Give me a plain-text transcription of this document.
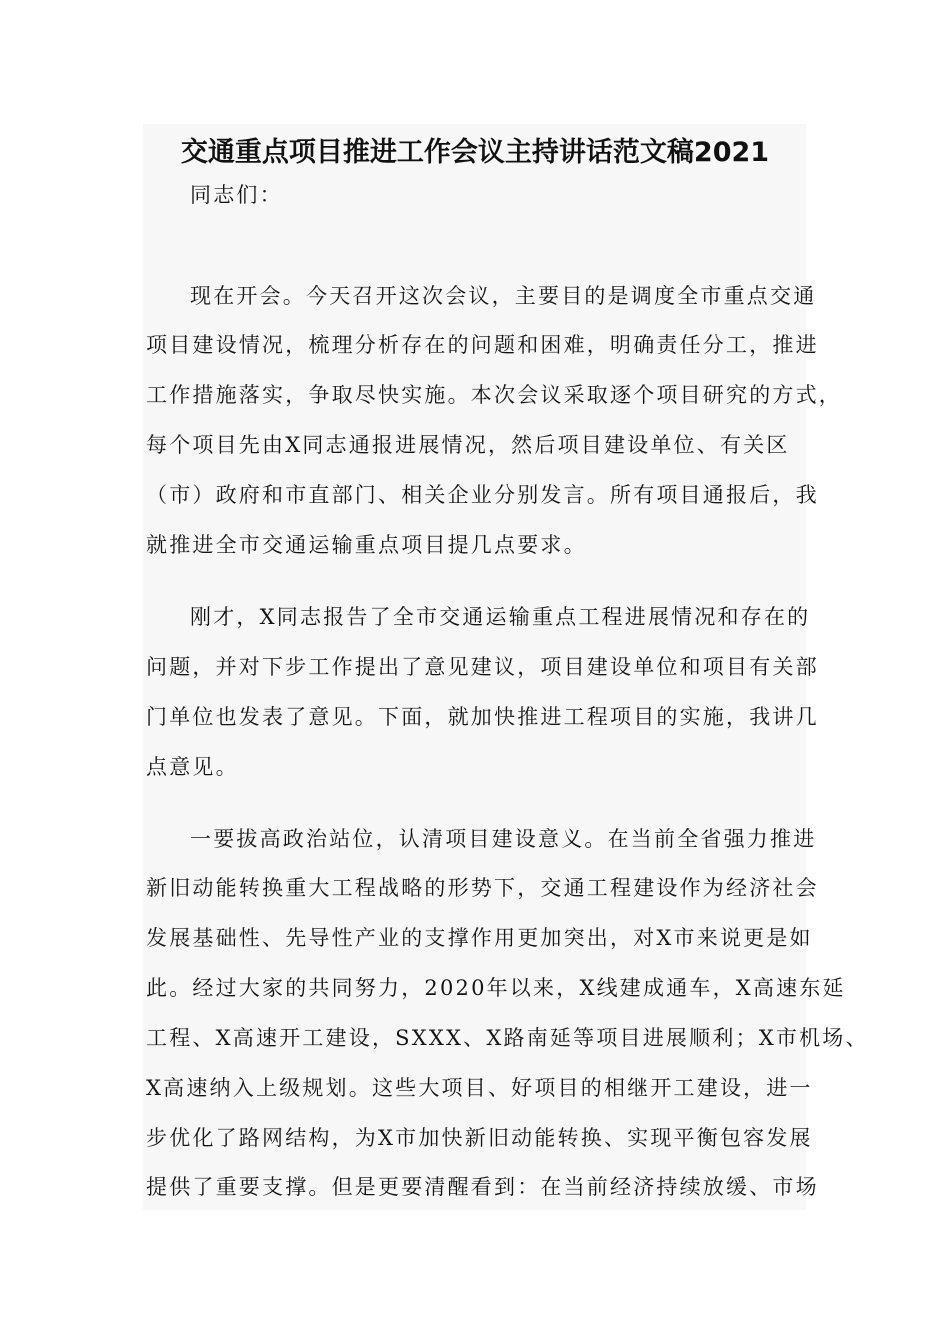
交通重点项目推进工作会议主持讲话范文稿2021
同志们：
现在开会。今天召开这次会议，主要目的是调度全市重点交通
项目建设情况，梳理分析存在的问题和困难，明确责任分工，推进
工作措施落实，争取尽快实施。本次会议采取逐个项目研究的方式，
每个项目先由X同志通报进展情况，然后项目建设单位、有关区
（市）政府和市直部门、相关企业分别发言。所有项目通报后，我
就推进全市交通运输重点项目提几点要求。
刚才，X同志报告了全市交通运输重点工程进展情况和存在的
问题，并对下步工作提出了意见建议，项目建设单位和项目有关部
门单位也发表了意见。下面，就加快推进工程项目的实施，我讲几
点意见。
一要拔高政治站位，认清项目建设意义。在当前全省强力推进
新旧动能转换重大工程战略的形势下，交通工程建设作为经济社会
发展基础性、先导性产业的支撑作用更加突出，对X市来说更是如
此。经过大家的共同努力，2020年以来，X线建成通车，X高速东延
工程、X高速开工建设，SXXX、X路南延等项目进展顺利；X市机场、
X高速纳入上级规划。这些大项目、好项目的相继开工建设，进一
步优化了路网结构，为X市加快新旧动能转换、实现平衡包容发展
提供了重要支撑。但是更要清醒看到：在当前经济持续放缓、市场
